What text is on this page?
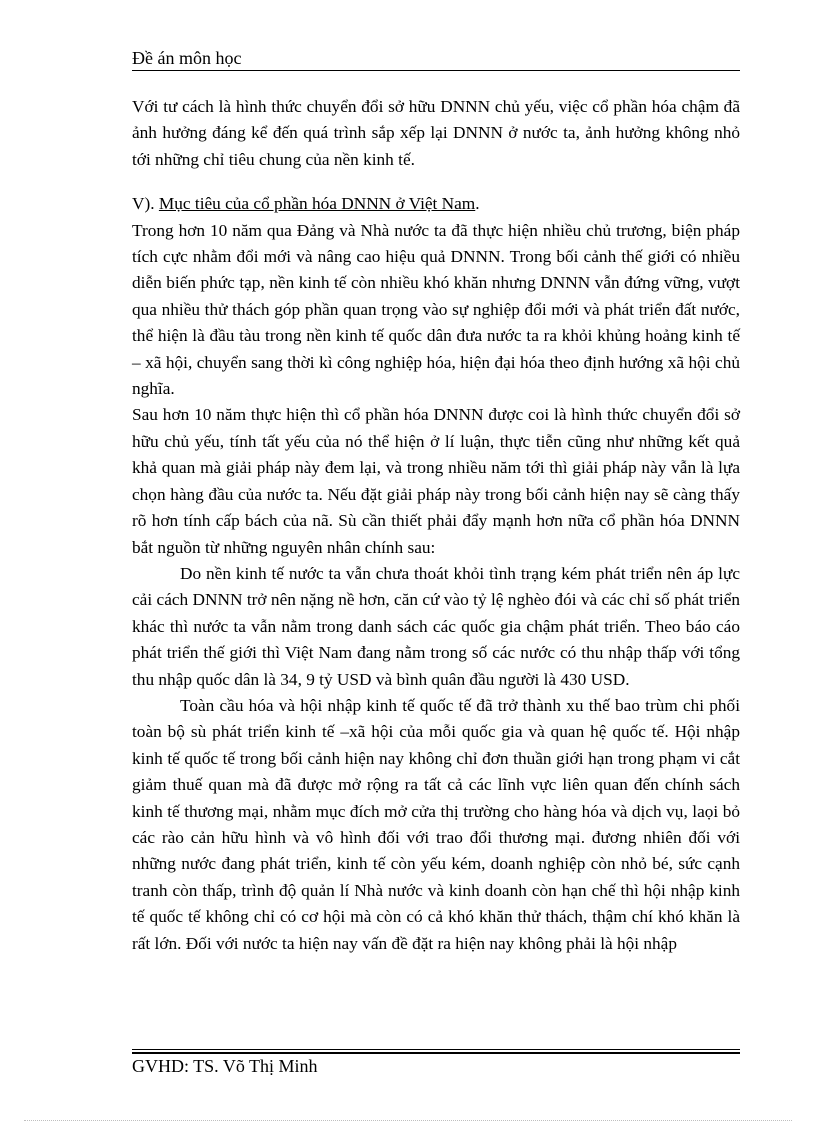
Đề án môn học

Với tư cách là hình thức chuyển đổi sở hữu DNNN chủ yếu, việc cổ phần hóa chậm đã ảnh hưởng đáng kể đến quá trình sắp xếp lại DNNN ở nước ta, ảnh hưởng không nhỏ tới những chỉ tiêu chung của nền kinh tế.

V). Mục tiêu của cổ phần hóa DNNN ở Việt Nam.

Trong hơn 10 năm qua Đảng và Nhà nước ta đã thực hiện nhiều chủ trương, biện pháp tích cực nhằm đổi mới và nâng cao hiệu quả DNNN. Trong bối cảnh thế giới có nhiều diễn biến phức tạp, nền kinh tế còn nhiều khó khăn nhưng DNNN vẫn đứng vững, vượt qua nhiều thử thách góp phần quan trọng vào sự nghiệp đổi mới và phát triển đất nước, thể hiện là đầu tàu trong nền kinh tế quốc dân đưa nước ta ra khỏi khủng hoảng kinh tế – xã hội, chuyển sang thời kì công nghiệp hóa, hiện đại hóa theo định hướng xã hội chủ nghĩa.

Sau hơn 10 năm thực hiện thì cổ phần hóa DNNN được coi là hình thức chuyển đổi sở hữu chủ yếu, tính tất yếu của nó thể hiện ở lí luận, thực tiễn cũng như những kết quả khả quan mà giải pháp này đem lại, và trong nhiều năm tới thì giải pháp này vẫn là lựa chọn hàng đầu của nước ta. Nếu đặt giải pháp này trong bối cảnh hiện nay sẽ càng thấy rõ hơn tính cấp bách của nã. Sù cần thiết phải đẩy mạnh hơn nữa cổ phần hóa DNNN bắt nguồn từ những nguyên nhân chính sau:

Do nền kinh tế nước ta vẫn chưa thoát khỏi tình trạng kém phát triển nên áp lực cải cách DNNN trở nên nặng nề hơn, căn cứ vào tỷ lệ nghèo đói và các chỉ số phát triển khác thì nước ta vẫn nằm trong danh sách các quốc gia chậm phát triển. Theo báo cáo phát triển thế giới thì Việt Nam đang nằm trong số các nước có thu nhập thấp với tổng thu nhập quốc dân là 34, 9 tỷ USD và bình quân đầu người là 430 USD.

Toàn cầu hóa và hội nhập kinh tế quốc tế đã trở thành xu thế bao trùm chi phối toàn bộ sù phát triển kinh tế –xã hội của mỗi quốc gia và quan hệ quốc tế. Hội nhập kinh tế quốc tế trong bối cảnh hiện nay không chỉ đơn thuần giới hạn trong phạm vi cắt giảm thuế quan mà đã được mở rộng ra tất cả các lĩnh vực liên quan đến chính sách kinh tế thương mại, nhằm mục đích mở cửa thị trường cho hàng hóa và dịch vụ, laọi bỏ các rào cản hữu hình và vô hình đối với trao đổi thương mại. đương nhiên đối với những nước đang phát triển, kinh tế còn yếu kém, doanh nghiệp còn nhỏ bé, sức cạnh tranh còn thấp, trình độ quản lí Nhà nước và kinh doanh còn hạn chế thì hội nhập kinh tế quốc tế không chỉ có cơ hội mà còn có cả khó khăn thử thách, thậm chí khó khăn là rất lớn. Đối với nước ta hiện nay vấn đề đặt ra hiện nay không phải là hội nhập

GVHD: TS. Võ Thị Minh
